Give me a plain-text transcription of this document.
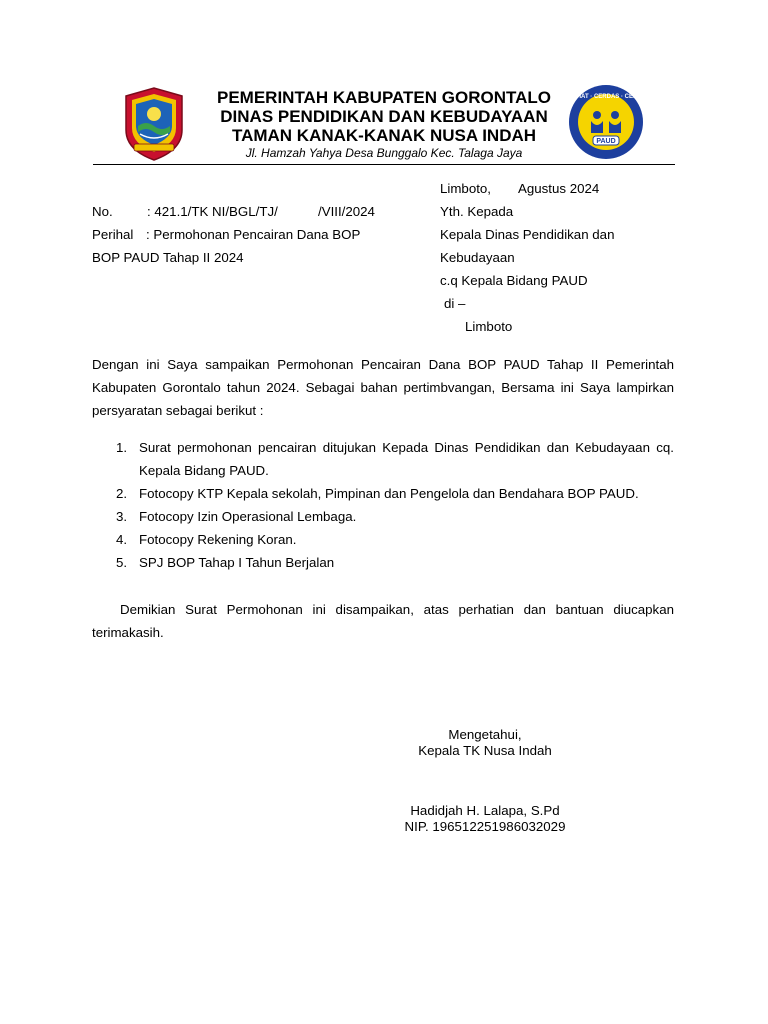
SEHAT · CERDAS · CERIA
PAUD
PEMERINTAH KABUPATEN GORONTALO
DINAS PENDIDIKAN DAN KEBUDAYAAN
TAMAN KANAK-KANAK NUSA INDAH
Jl. Hamzah Yahya Desa Bunggalo Kec. Talaga Jaya
Limboto, Agustus 2024
No.	: 421.1/TK NI/BGL/TJ/	/VIII/2024
Perihal : Permohonan Pencairan Dana BOP
BOP PAUD Tahap II 2024
Yth. Kepada
Kepala Dinas Pendidikan dan
Kebudayaan
c.q Kepala Bidang PAUD
di –
Limboto
Dengan ini Saya sampaikan Permohonan Pencairan Dana BOP PAUD Tahap II Pemerintah Kabupaten Gorontalo tahun 2024. Sebagai bahan pertimbvangan, Bersama ini Saya lampirkan persyaratan sebagai berikut :
1. Surat permohonan pencairan ditujukan Kepada Dinas Pendidikan dan Kebudayaan cq. Kepala Bidang PAUD.
2. Fotocopy KTP Kepala sekolah, Pimpinan dan Pengelola dan Bendahara BOP PAUD.
3. Fotocopy Izin Operasional Lembaga.
4. Fotocopy Rekening Koran.
5. SPJ BOP Tahap I Tahun Berjalan
Demikian Surat Permohonan ini disampaikan, atas perhatian dan bantuan diucapkan terimakasih.
Mengetahui,
Kepala TK Nusa Indah
Hadidjah H. Lalapa, S.Pd
NIP. 196512251986032029
